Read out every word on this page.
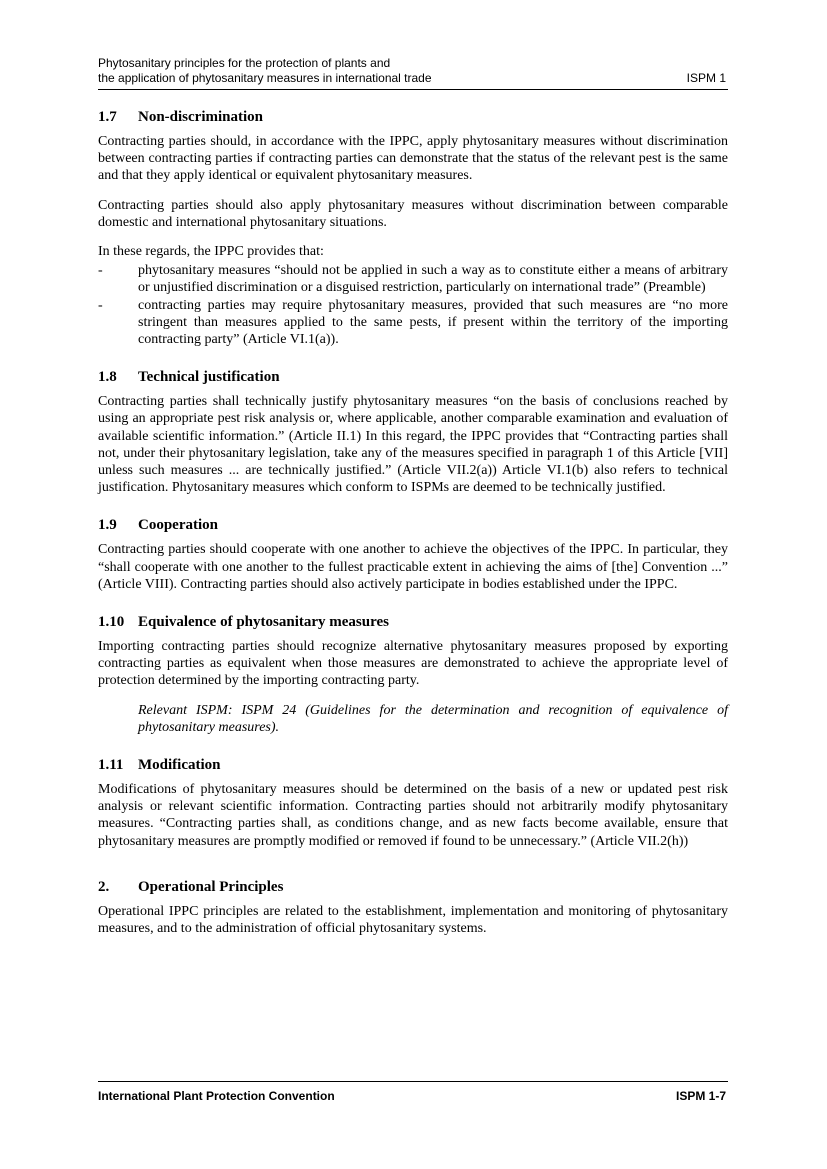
Phytosanitary principles for the protection of plants and
the application of phytosanitary measures in international trade	ISPM 1
1.7 Non-discrimination

Contracting parties should, in accordance with the IPPC, apply phytosanitary measures without discrimination between contracting parties if contracting parties can demonstrate that the status of the relevant pest is the same and that they apply identical or equivalent phytosanitary measures.

Contracting parties should also apply phytosanitary measures without discrimination between comparable domestic and international phytosanitary situations.

In these regards, the IPPC provides that:

-	phytosanitary measures “should not be applied in such a way as to constitute either a means of arbitrary or unjustified discrimination or a disguised restriction, particularly on international trade” (Preamble)
-	contracting parties may require phytosanitary measures, provided that such measures are “no more stringent than measures applied to the same pests, if present within the territory of the importing contracting party” (Article VI.1(a)).
1.8 Technical justification

Contracting parties shall technically justify phytosanitary measures “on the basis of conclusions reached by using an appropriate pest risk analysis or, where applicable, another comparable examination and evaluation of available scientific information.” (Article II.1) In this regard, the IPPC provides that “Contracting parties shall not, under their phytosanitary legislation, take any of the measures specified in paragraph 1 of this Article [VII] unless such measures ... are technically justified.” (Article VII.2(a)) Article VI.1(b) also refers to technical justification. Phytosanitary measures which conform to ISPMs are deemed to be technically justified.

1.9 Cooperation

Contracting parties should cooperate with one another to achieve the objectives of the IPPC. In particular, they “shall cooperate with one another to the fullest practicable extent in achieving the aims of [the] Convention ...” (Article VIII). Contracting parties should also actively participate in bodies established under the IPPC.

1.10 Equivalence of phytosanitary measures

Importing contracting parties should recognize alternative phytosanitary measures proposed by exporting contracting parties as equivalent when those measures are demonstrated to achieve the appropriate level of protection determined by the importing contracting party.

Relevant ISPM: ISPM 24 (Guidelines for the determination and recognition of equivalence of phytosanitary measures).

1.11 Modification

Modifications of phytosanitary measures should be determined on the basis of a new or updated pest risk analysis or relevant scientific information. Contracting parties should not arbitrarily modify phytosanitary measures. “Contracting parties shall, as conditions change, and as new facts become available, ensure that phytosanitary measures are promptly modified or removed if found to be unnecessary.” (Article VII.2(h))

2. Operational Principles

Operational IPPC principles are related to the establishment, implementation and monitoring of phytosanitary measures, and to the administration of official phytosanitary systems.

International Plant Protection Convention	ISPM 1-7
